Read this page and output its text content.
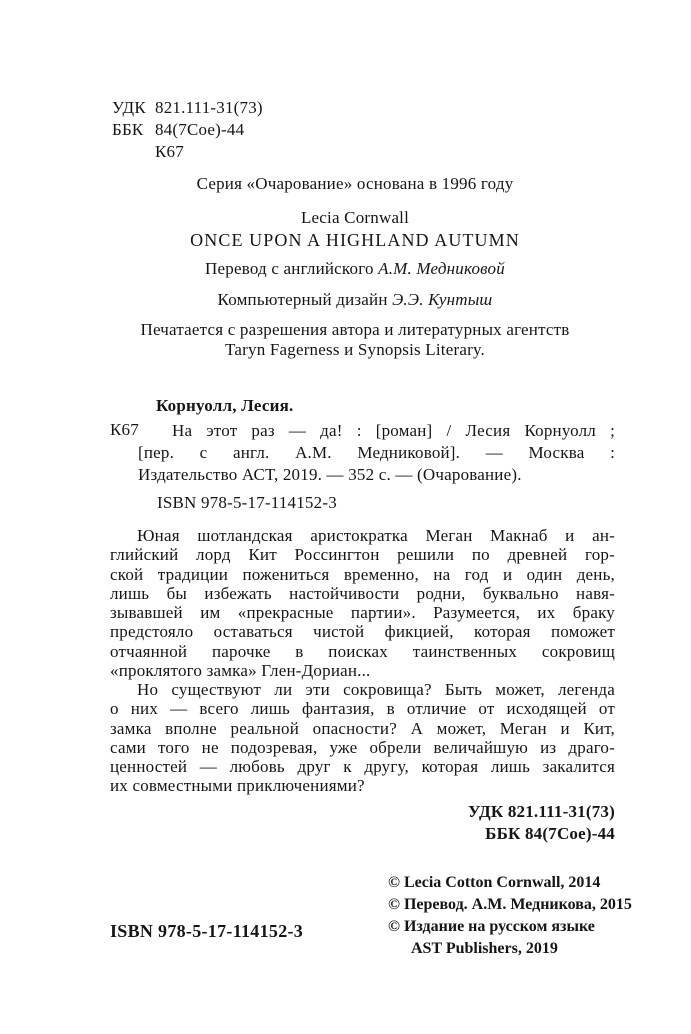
УДК 821.111-31(73)
ББК 84(7Сое)-44
К67
Серия «Очарование» основана в 1996 году
Lecia Cornwall
ONCE UPON A HIGHLAND AUTUMN
Перевод с английского А.М. Медниковой
Компьютерный дизайн Э.Э. Кунтыш
Печатается с разрешения автора и литературных агентств
Taryn Fagerness и Synopsis Literary.
Корнуолл, Лесия.
К67	На этот раз — да! : [роман] / Лесия Корнуолл ;
[пер. с англ. А.М. Медниковой]. — Москва :
Издательство АСТ, 2019. — 352 с. — (Очарование).
ISBN 978-5-17-114152-3
Юная шотландская аристократка Меган Макнаб и ан-
глийский лорд Кит Россингтон решили по древней гор-
ской традиции пожениться временно, на год и один день,
лишь бы избежать настойчивости родни, буквально навя-
зывавшей им «прекрасные партии». Разумеется, их браку
предстояло оставаться чистой фикцией, которая поможет
отчаянной парочке в поисках таинственных сокровищ
«проклятого замка» Глен-Дориан...
Но существуют ли эти сокровища? Быть может, легенда
о них — всего лишь фантазия, в отличие от исходящей от
замка вполне реальной опасности? А может, Меган и Кит,
сами того не подозревая, уже обрели величайшую из драго-
ценностей — любовь друг к другу, которая лишь закалится
их совместными приключениями?
УДК 821.111-31(73)
ББК 84(7Сое)-44
© Lecia Cotton Cornwall, 2014
© Перевод. А.М. Медникова, 2015
© Издание на русском языке
AST Publishers, 2019
ISBN 978-5-17-114152-3
